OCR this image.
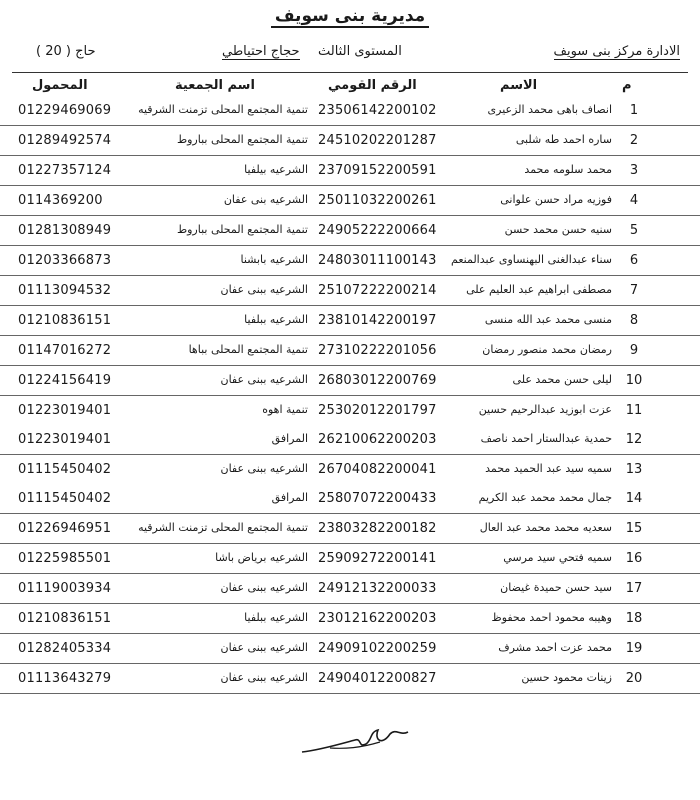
مديرية بنى سويف
الادارة مركز بنى سويف
المستوى الثالث
حجاج احتياطي
( 20 ) حاج
م
الاسم
الرقم القومي
اسم الجمعية
المحمول
1
انصاف باهى محمد الزعيرى
23506142200102
تنمية المجتمع المحلى تزمنت الشرقيه
01229469069
2
ساره احمد طه شلبى
24510202201287
تنمية المجتمع المحلى بباروط
01289492574
3
محمد سلومه محمد
23709152200591
الشرعيه بيلفيا
01227357124
4
فوزيه مراد حسن علوانى
25011032200261
الشرعيه بنى عفان
0114369200
5
سنيه حسن محمد حسن
24905222200664
تنمية المجتمع المحلى بباروط
01281308949
6
سناء عبدالغنى البهنساوى عبدالمنعم
24803011100143
الشرعيه بابشنا
01203366873
7
مصطفى ابراهيم عبد العليم على
25107222200214
الشرعيه ببنى عفان
01113094532
8
منسى محمد عبد الله منسى
23810142200197
الشرعيه ببلفيا
01210836151
9
رمضان محمد منصور رمضان
27310222201056
تنمية المجتمع المحلى بباها
01147016272
10
ليلى حسن محمد على
26803012200769
الشرعيه ببنى عفان
01224156419
11
عزت ابوزيد عبدالرحيم حسين
25302012201797
تنمية اهوه
01223019401
12
حمدية عبدالستار احمد ناصف
26210062200203
المرافق
01223019401
13
سميه سيد عبد الحميد محمد
26704082200041
الشرعيه ببنى عفان
01115450402
14
جمال محمد محمد عبد الكريم
25807072200433
المرافق
01115450402
15
سعديه محمد محمد عبد العال
23803282200182
تنمية المجتمع المحلى تزمنت الشرقيه
01226946951
16
سميه فتحي سيد مرسي
25909272200141
الشرعيه برياض باشا
01225985501
17
سيد حسن حميدة غيضان
24912132200033
الشرعيه ببنى عفان
01119003934
18
وهيبه محمود احمد محفوظ
23012162200203
الشرعيه ببلفيا
01210836151
19
محمد عزت احمد مشرف
24909102200259
الشرعيه ببنى عفان
01282405334
20
زينات محمود حسين
24904012200827
الشرعيه ببنى عفان
01113643279
